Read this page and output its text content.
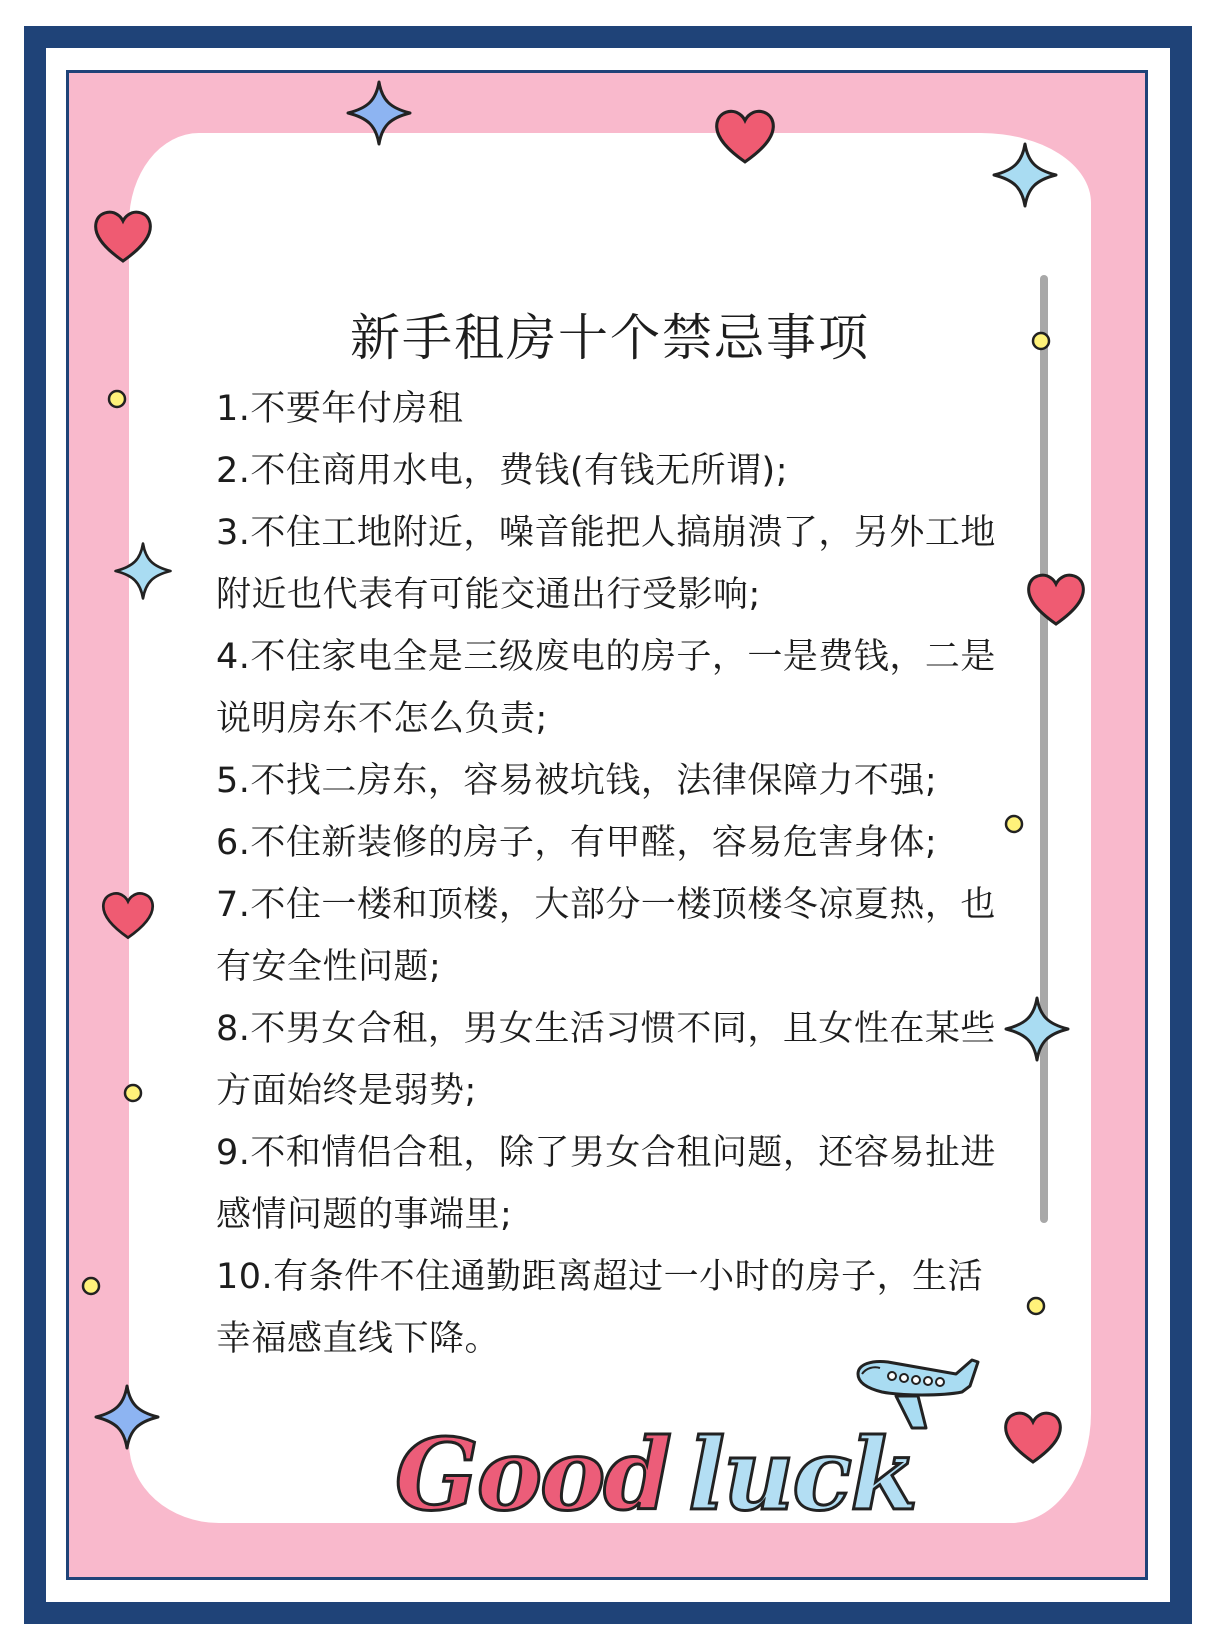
新手租房十个禁忌事项

1.不要年付房租

2.不住商用水电，费钱(有钱无所谓);

3.不住工地附近，噪音能把人搞崩溃了，另外工地附近也代表有可能交通出行受影响;

4.不住家电全是三级废电的房子，一是费钱，二是说明房东不怎么负责;

5.不找二房东，容易被坑钱，法律保障力不强;

6.不住新装修的房子，有甲醛，容易危害身体;

7.不住一楼和顶楼，大部分一楼顶楼冬凉夏热，也有安全性问题;

8.不男女合租，男女生活习惯不同，且女性在某些方面始终是弱势;

9.不和情侣合租，除了男女合租问题，还容易扯进感情问题的事端里;

10.有条件不住通勤距离超过一小时的房子，生活幸福感直线下降。

Good luck
